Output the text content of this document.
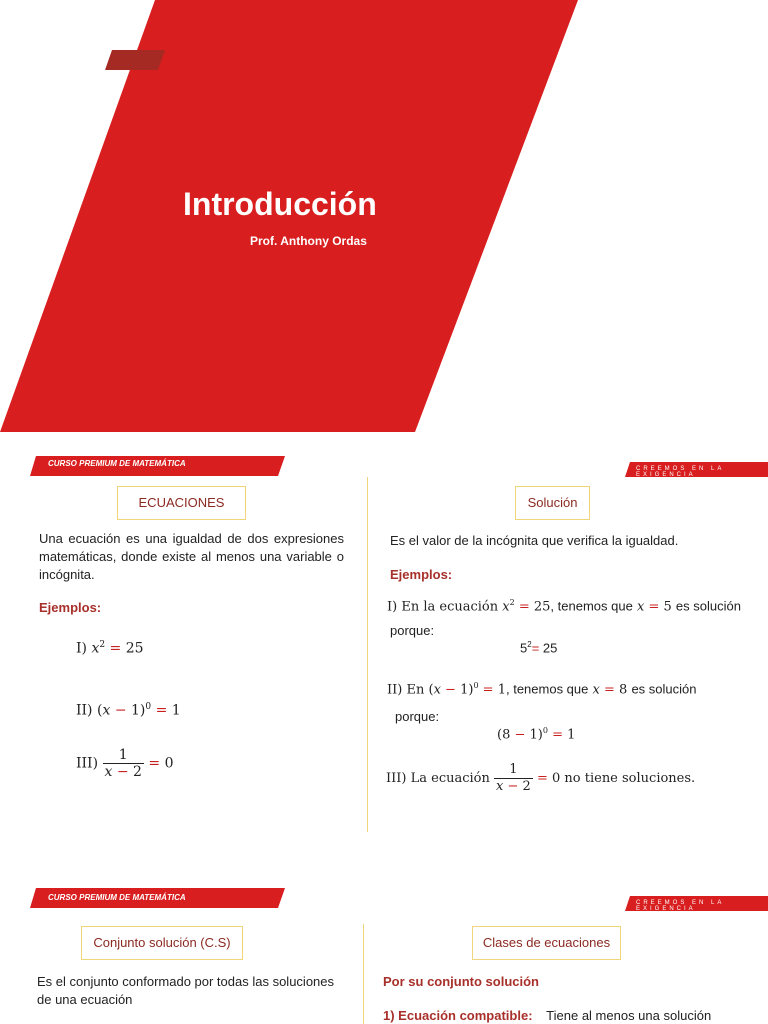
Introducción
Prof. Anthony Ordas
CURSO PREMIUM DE MATEMÁTICA
CREEMOS EN LA EXIGENCIA
ECUACIONES
Una ecuación es una igualdad de dos expresiones matemáticas, donde existe al menos una variable o incógnita.
Ejemplos:
I) $x^2 = 25$
II) $(x - 1)^0 = 1$
$III) \frac{1}{x - 2} = 0$
Solución
Es el valor de la incógnita que verifica la igualdad.
Ejemplos:
I) En la ecuación $x^2 = 25$, tenemos que x = 5 es solución
porque:
$5^2= 25$
II) En $(x - 1)^0 = 1$, tenemos que x = 8 es solución
porque:
$(8 - 1)^0 = 1$
III) La ecuación $\frac{1}{x - 2} = 0$ no tiene soluciones.
CURSO PREMIUM DE MATEMÁTICA
CREEMOS EN LA EXIGENCIA
Conjunto solución (C.S)
Es el conjunto conformado por todas las soluciones de una ecuación
Clases de ecuaciones
Por su conjunto solución
1) Ecuación compatible: Tiene al menos una solución
